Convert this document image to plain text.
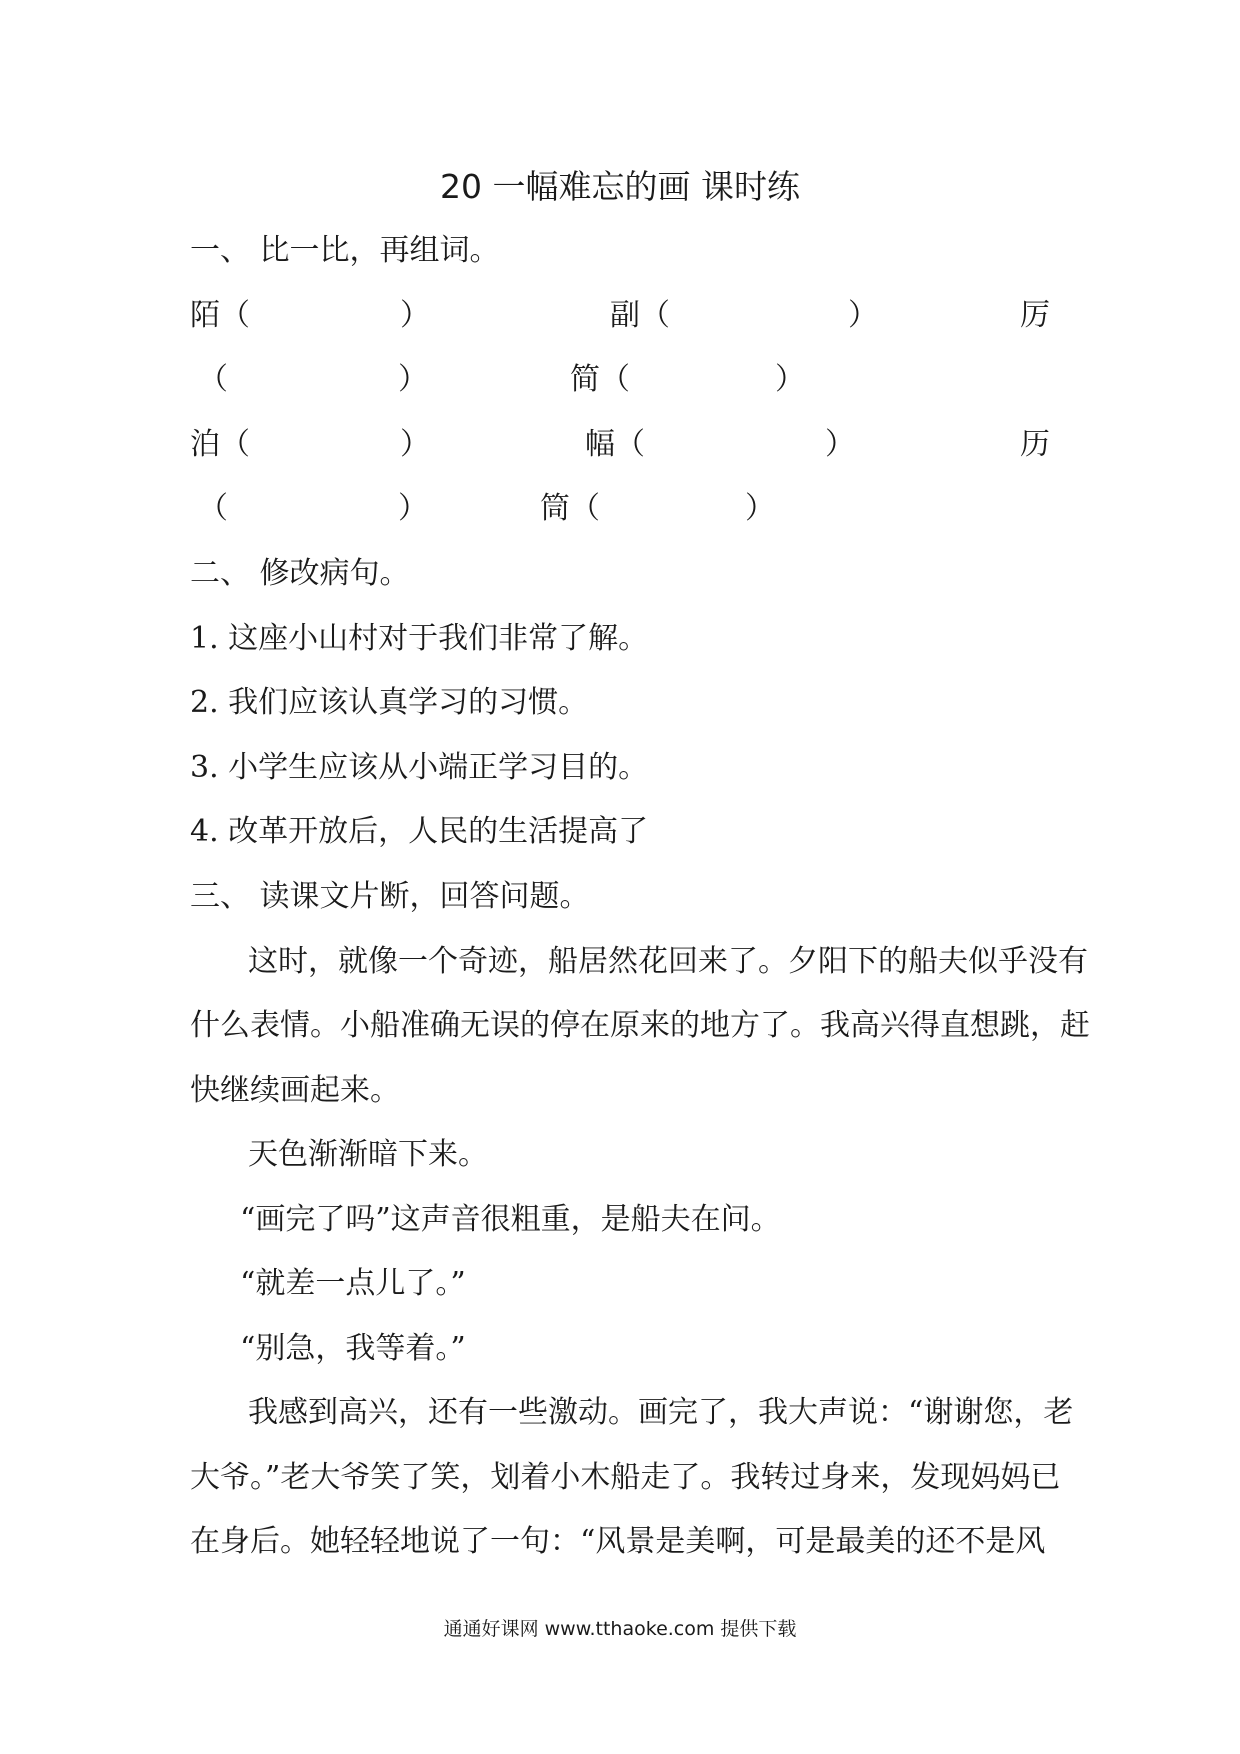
20 一幅难忘的画 课时练
一、 比一比，再组词。
陌（	）	副（	）	厉
（	）	简（	）
泊（	）	幅（	）	历
（	）	筒（	）
二、 修改病句。
1. 这座小山村对于我们非常了解。
2. 我们应该认真学习的习惯。
3. 小学生应该从小端正学习目的。
4. 改革开放后，人民的生活提高了
三、 读课文片断，回答问题。
这时，就像一个奇迹，船居然花回来了。夕阳下的船夫似乎没有
什么表情。小船准确无误的停在原来的地方了。我高兴得直想跳，赶
快继续画起来。
天色渐渐暗下来。
“画完了吗”这声音很粗重，是船夫在问。
“就差一点儿了。”
“别急，我等着。”
我感到高兴，还有一些激动。画完了，我大声说：“谢谢您，老
大爷。”老大爷笑了笑，划着小木船走了。我转过身来，发现妈妈已
在身后。她轻轻地说了一句：“风景是美啊，可是最美的还不是风
通通好课网 www.tthaoke.com 提供下载
